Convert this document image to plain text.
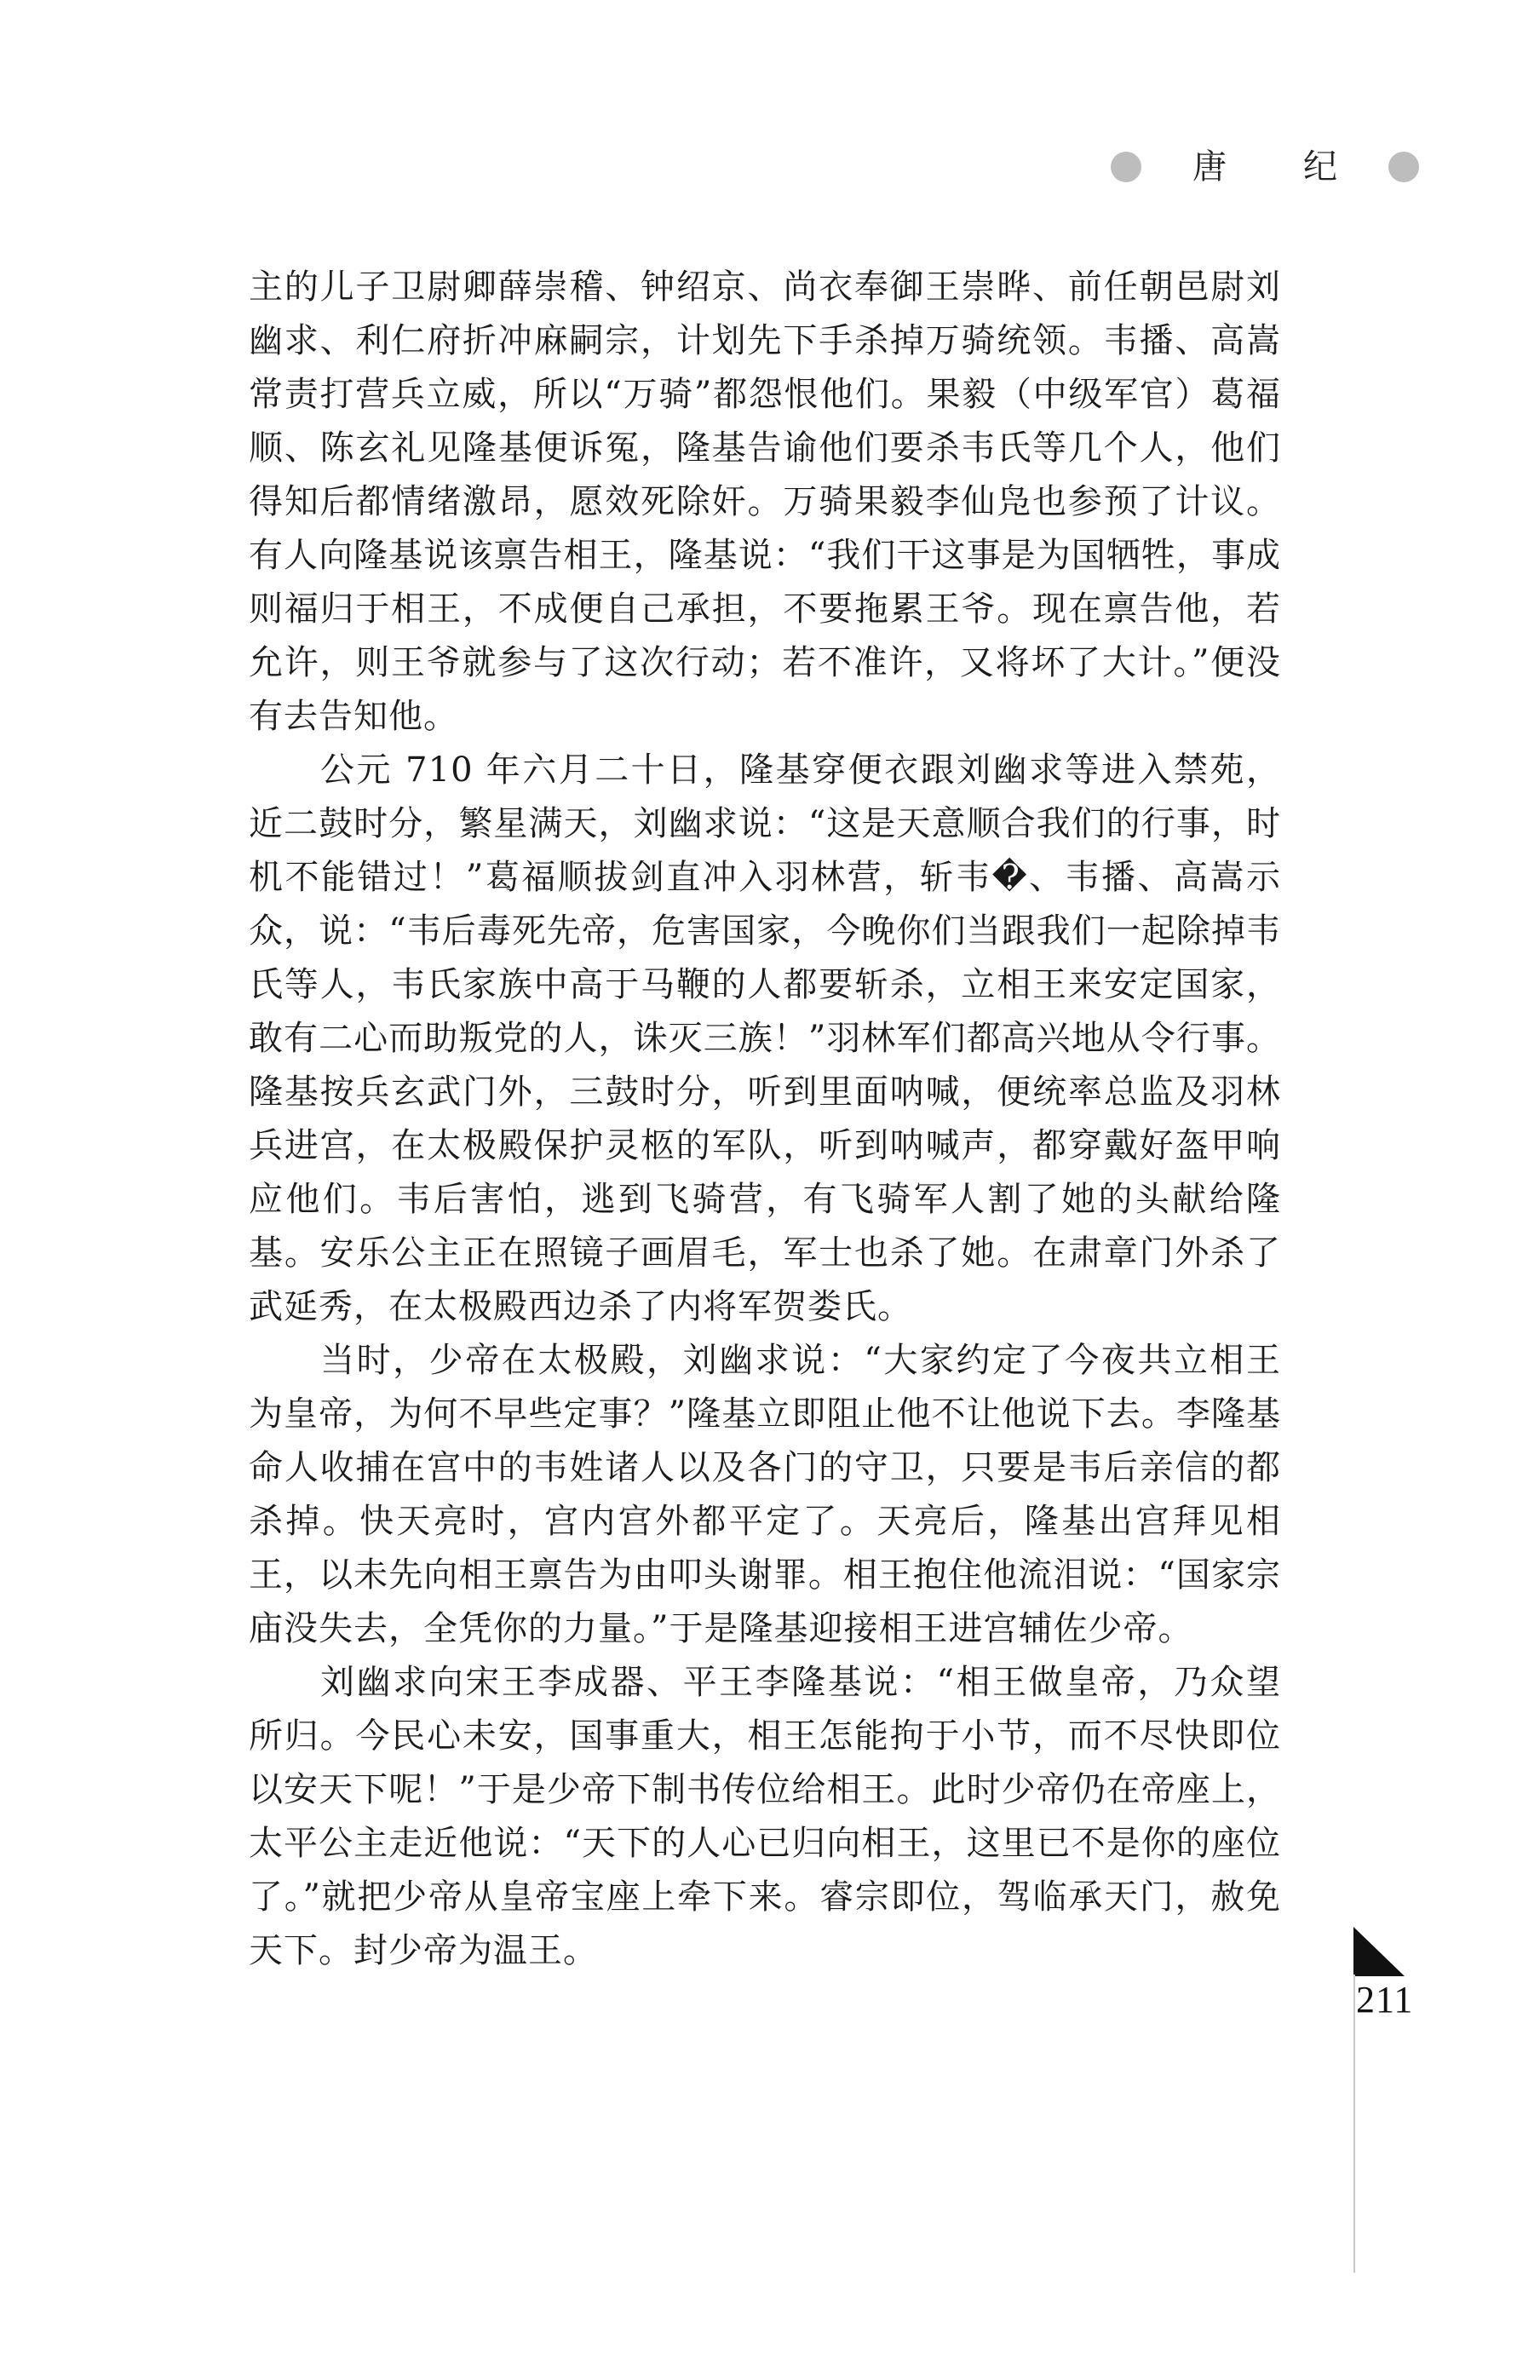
唐 纪

主的儿子卫尉卿薛崇稽、钟绍京、尚衣奉御王崇晔、前任朝邑尉刘幽求、利仁府折冲麻嗣宗，计划先下手杀掉万骑统领。韦播、高嵩常责打营兵立威，所以“万骑”都怨恨他们。果毅（中级军官）葛福顺、陈玄礼见隆基便诉冤，隆基告谕他们要杀韦氏等几个人，他们得知后都情绪激昂，愿效死除奸。万骑果毅李仙凫也参预了计议。有人向隆基说该禀告相王，隆基说：“我们干这事是为国牺牲，事成则福归于相王，不成便自己承担，不要拖累王爷。现在禀告他，若允许，则王爷就参与了这次行动；若不准许，又将坏了大计。”便没有去告知他。

公元 710 年六月二十日，隆基穿便衣跟刘幽求等进入禁苑，近二鼓时分，繁星满天，刘幽求说：“这是天意顺合我们的行事，时机不能错过！”葛福顺拔剑直冲入羽林营，斩韦�、韦播、高嵩示众，说：“韦后毒死先帝，危害国家，今晚你们当跟我们一起除掉韦氏等人，韦氏家族中高于马鞭的人都要斩杀，立相王来安定国家，敢有二心而助叛党的人，诛灭三族！”羽林军们都高兴地从令行事。隆基按兵玄武门外，三鼓时分，听到里面呐喊，便统率总监及羽林兵进宫，在太极殿保护灵柩的军队，听到呐喊声，都穿戴好盔甲响应他们。韦后害怕，逃到飞骑营，有飞骑军人割了她的头献给隆基。安乐公主正在照镜子画眉毛，军士也杀了她。在肃章门外杀了武延秀，在太极殿西边杀了内将军贺娄氏。

当时，少帝在太极殿，刘幽求说：“大家约定了今夜共立相王为皇帝，为何不早些定事？”隆基立即阻止他不让他说下去。李隆基命人收捕在宫中的韦姓诸人以及各门的守卫，只要是韦后亲信的都杀掉。快天亮时，宫内宫外都平定了。天亮后，隆基出宫拜见相王，以未先向相王禀告为由叩头谢罪。相王抱住他流泪说：“国家宗庙没失去，全凭你的力量。”于是隆基迎接相王进宫辅佐少帝。

刘幽求向宋王李成器、平王李隆基说：“相王做皇帝，乃众望所归。今民心未安，国事重大，相王怎能拘于小节，而不尽快即位以安天下呢！”于是少帝下制书传位给相王。此时少帝仍在帝座上，太平公主走近他说：“天下的人心已归向相王，这里已不是你的座位了。”就把少帝从皇帝宝座上牵下来。睿宗即位，驾临承天门，赦免天下。封少帝为温王。

211
